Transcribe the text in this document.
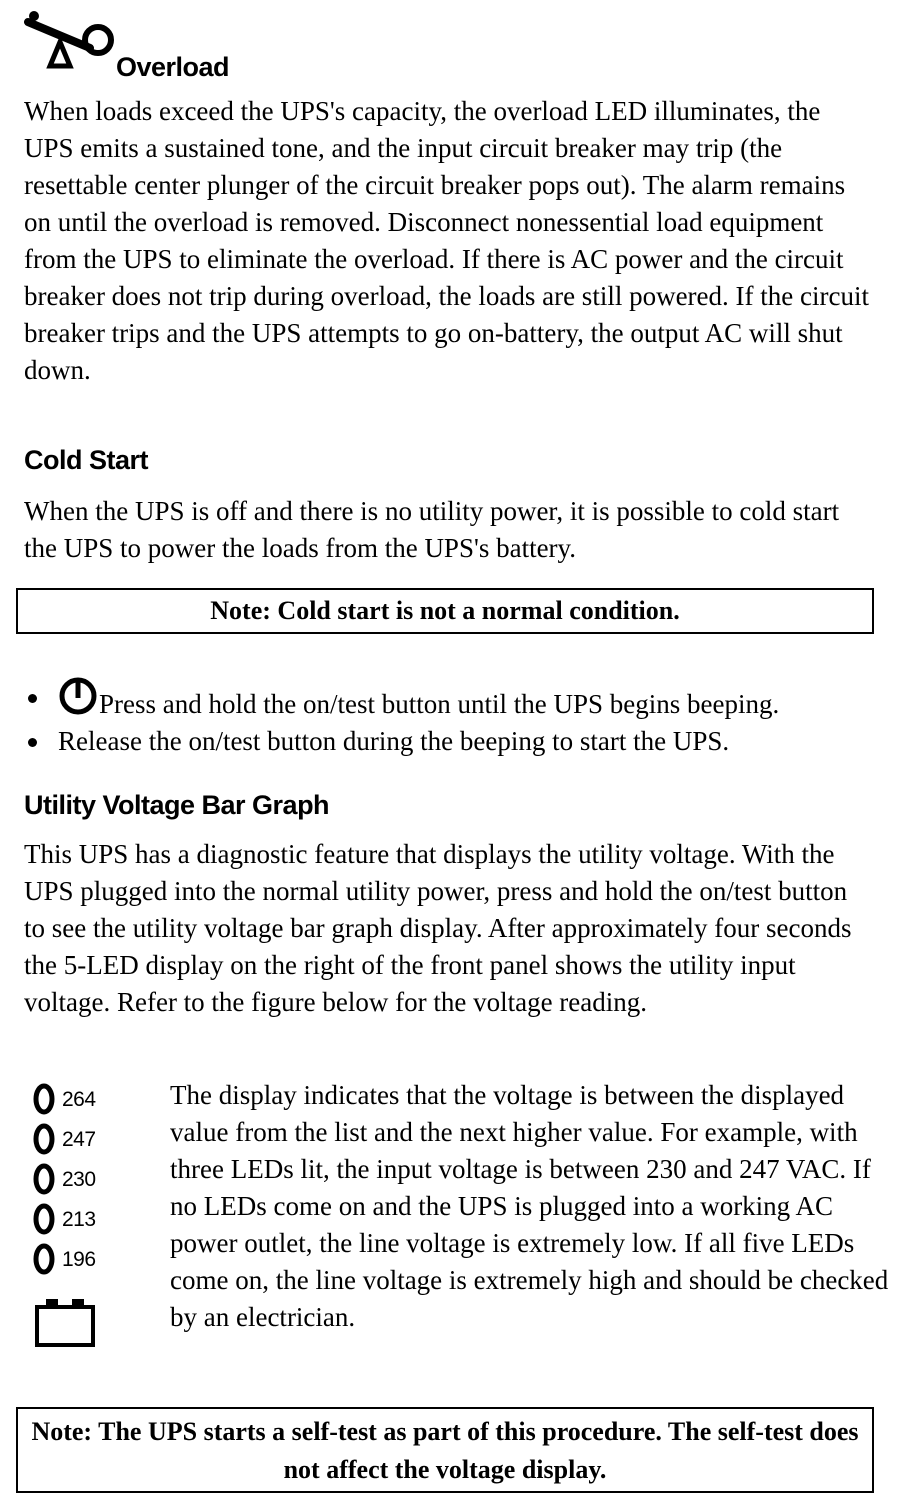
Overload

When loads exceed the UPS's capacity, the overload LED illuminates, the UPS emits a sustained tone, and the input circuit breaker may trip (the resettable center plunger of the circuit breaker pops out). The alarm remains on until the overload is removed. Disconnect nonessential load equipment from the UPS to eliminate the overload. If there is AC power and the circuit breaker does not trip during overload, the loads are still powered. If the circuit breaker trips and the UPS attempts to go on-battery, the output AC will shut down.

Cold Start

When the UPS is off and there is no utility power, it is possible to cold start the UPS to power the loads from the UPS's battery.

Note: Cold start is not a normal condition.
Press and hold the on/test button until the UPS begins beeping.
Release the on/test button during the beeping to start the UPS.
Utility Voltage Bar Graph

This UPS has a diagnostic feature that displays the utility voltage. With the UPS plugged into the normal utility power, press and hold the on/test button to see the utility voltage bar graph display. After approximately four seconds the 5-LED display on the right of the front panel shows the utility input voltage. Refer to the figure below for the voltage reading.

264
247
230
213
196

The display indicates that the voltage is between the displayed value from the list and the next higher value. For example, with three LEDs lit, the input voltage is between 230 and 247 VAC. If no LEDs come on and the UPS is plugged into a working AC power outlet, the line voltage is extremely low. If all five LEDs come on, the line voltage is extremely high and should be checked by an electrician.

Note: The UPS starts a self-test as part of this procedure. The self-test does not affect the voltage display.
